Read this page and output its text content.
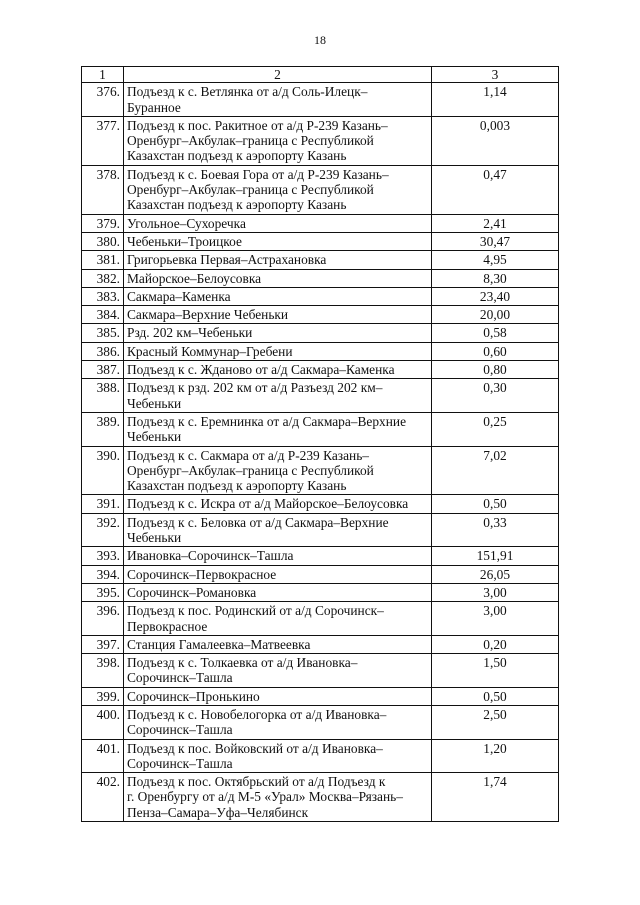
18
1	2	3
376.	Подъезд к с. Ветлянка от а/д Соль-Илецк–
Буранное	1,14
377.	Подъезд к пос. Ракитное от а/д Р-239 Казань–
Оренбург–Акбулак–граница с Республикой
Казахстан подъезд к аэропорту Казань	0,003
378.	Подъезд к с. Боевая Гора от а/д Р-239 Казань–
Оренбург–Акбулак–граница с Республикой
Казахстан подъезд к аэропорту Казань	0,47
379.	Угольное–Сухоречка	2,41
380.	Чебеньки–Троицкое	30,47
381.	Григорьевка Первая–Астрахановка	4,95
382.	Майорское–Белоусовка	8,30
383.	Сакмара–Каменка	23,40
384.	Сакмара–Верхние Чебеньки	20,00
385.	Рзд. 202 км–Чебеньки	0,58
386.	Красный Коммунар–Гребени	0,60
387.	Подъезд к с. Жданово от а/д Сакмара–Каменка	0,80
388.	Подъезд к рзд. 202 км от а/д Разъезд 202 км–
Чебеньки	0,30
389.	Подъезд к с. Еремнинка от а/д Сакмара–Верхние
Чебеньки	0,25
390.	Подъезд к с. Сакмара от а/д Р-239 Казань–
Оренбург–Акбулак–граница с Республикой
Казахстан подъезд к аэропорту Казань	7,02
391.	Подъезд к с. Искра от а/д Майорское–Белоусовка	0,50
392.	Подъезд к с. Беловка от а/д Сакмара–Верхние
Чебеньки	0,33
393.	Ивановка–Сорочинск–Ташла	151,91
394.	Сорочинск–Первокрасное	26,05
395.	Сорочинск–Романовка	3,00
396.	Подъезд к пос. Родинский от а/д Сорочинск–
Первокрасное	3,00
397.	Станция Гамалеевка–Матвеевка	0,20
398.	Подъезд к с. Толкаевка от а/д Ивановка–
Сорочинск–Ташла	1,50
399.	Сорочинск–Пронькино	0,50
400.	Подъезд к с. Новобелогорка от а/д Ивановка–
Сорочинск–Ташла	2,50
401.	Подъезд к пос. Войковский от а/д Ивановка–
Сорочинск–Ташла	1,20
402.	Подъезд к пос. Октябрьский от а/д Подъезд к
г. Оренбургу от а/д М-5 «Урал» Москва–Рязань–
Пенза–Самара–Уфа–Челябинск	1,74
